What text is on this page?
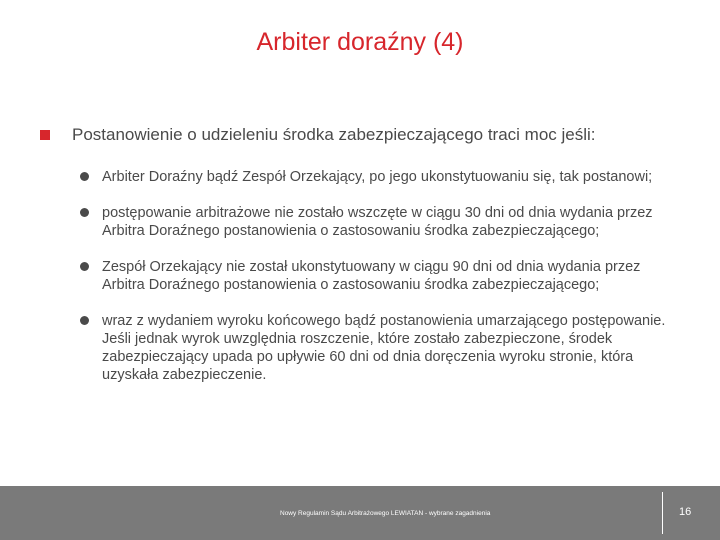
Arbiter doraźny (4)
Postanowienie o udzieleniu środka zabezpieczającego traci moc jeśli:
Arbiter Doraźny bądź Zespół Orzekający, po jego ukonstytuowaniu się, tak postanowi;
postępowanie arbitrażowe nie zostało wszczęte w ciągu 30 dni od dnia wydania przez Arbitra Doraźnego postanowienia o zastosowaniu środka zabezpieczającego;
Zespół Orzekający nie został ukonstytuowany w ciągu 90 dni od dnia wydania przez Arbitra Doraźnego postanowienia o zastosowaniu środka zabezpieczającego;
wraz z wydaniem wyroku końcowego bądź postanowienia umarzającego postępowanie. Jeśli jednak wyrok uwzględnia roszczenie, które zostało zabezpieczone, środek zabezpieczający upada po upływie 60 dni od dnia doręczenia wyroku stronie, która uzyskała zabezpieczenie.
Nowy Regulamin Sądu Arbitrażowego LEWIATAN - wybrane zagadnienia	16
